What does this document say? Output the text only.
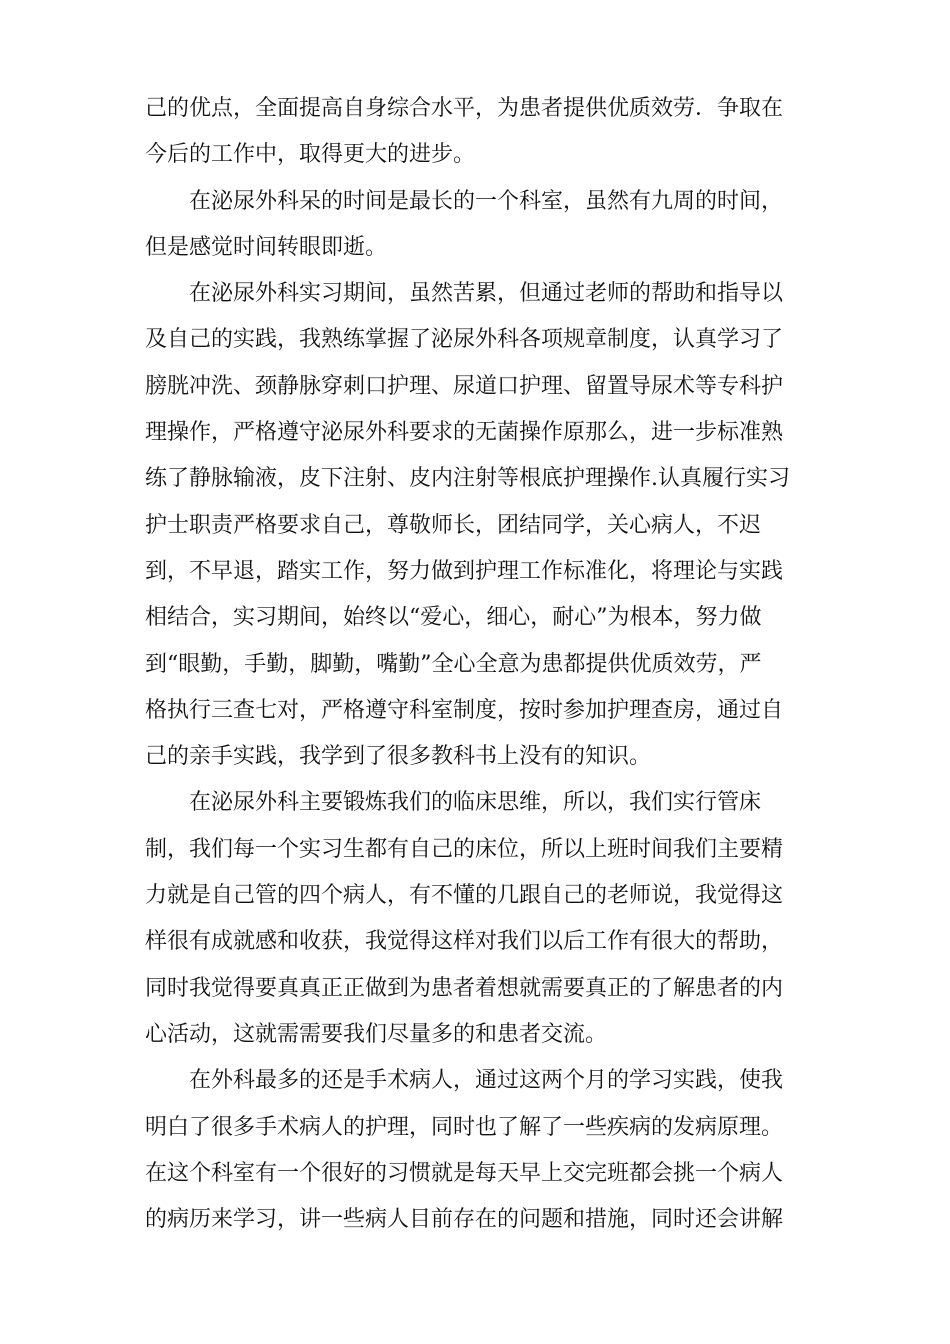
己的优点，全面提高自身综合水平，为患者提供优质效劳．争取在
今后的工作中，取得更大的进步。
在泌尿外科呆的时间是最长的一个科室，虽然有九周的时间，
但是感觉时间转眼即逝。
在泌尿外科实习期间，虽然苦累，但通过老师的帮助和指导以
及自己的实践，我熟练掌握了泌尿外科各项规章制度，认真学习了
膀胱冲洗、颈静脉穿刺口护理、尿道口护理、留置导尿术等专科护
理操作，严格遵守泌尿外科要求的无菌操作原那么，进一步标准熟
练了静脉输液，皮下注射、皮内注射等根底护理操作.认真履行实习
护士职责严格要求自己，尊敬师长，团结同学，关心病人，不迟
到，不早退，踏实工作，努力做到护理工作标准化，将理论与实践
相结合，实习期间，始终以“爱心，细心，耐心”为根本，努力做
到“眼勤，手勤，脚勤，嘴勤”全心全意为患都提供优质效劳，严
格执行三查七对，严格遵守科室制度，按时参加护理查房，通过自
己的亲手实践，我学到了很多教科书上没有的知识。
在泌尿外科主要锻炼我们的临床思维，所以，我们实行管床
制，我们每一个实习生都有自己的床位，所以上班时间我们主要精
力就是自己管的四个病人，有不懂的几跟自己的老师说，我觉得这
样很有成就感和收获，我觉得这样对我们以后工作有很大的帮助，
同时我觉得要真真正正做到为患者着想就需要真正的了解患者的内
心活动，这就需需要我们尽量多的和患者交流。
在外科最多的还是手术病人，通过这两个月的学习实践，使我
明白了很多手术病人的护理，同时也了解了一些疾病的发病原理。
在这个科室有一个很好的习惯就是每天早上交完班都会挑一个病人
的病历来学习，讲一些病人目前存在的问题和措施，同时还会讲解
